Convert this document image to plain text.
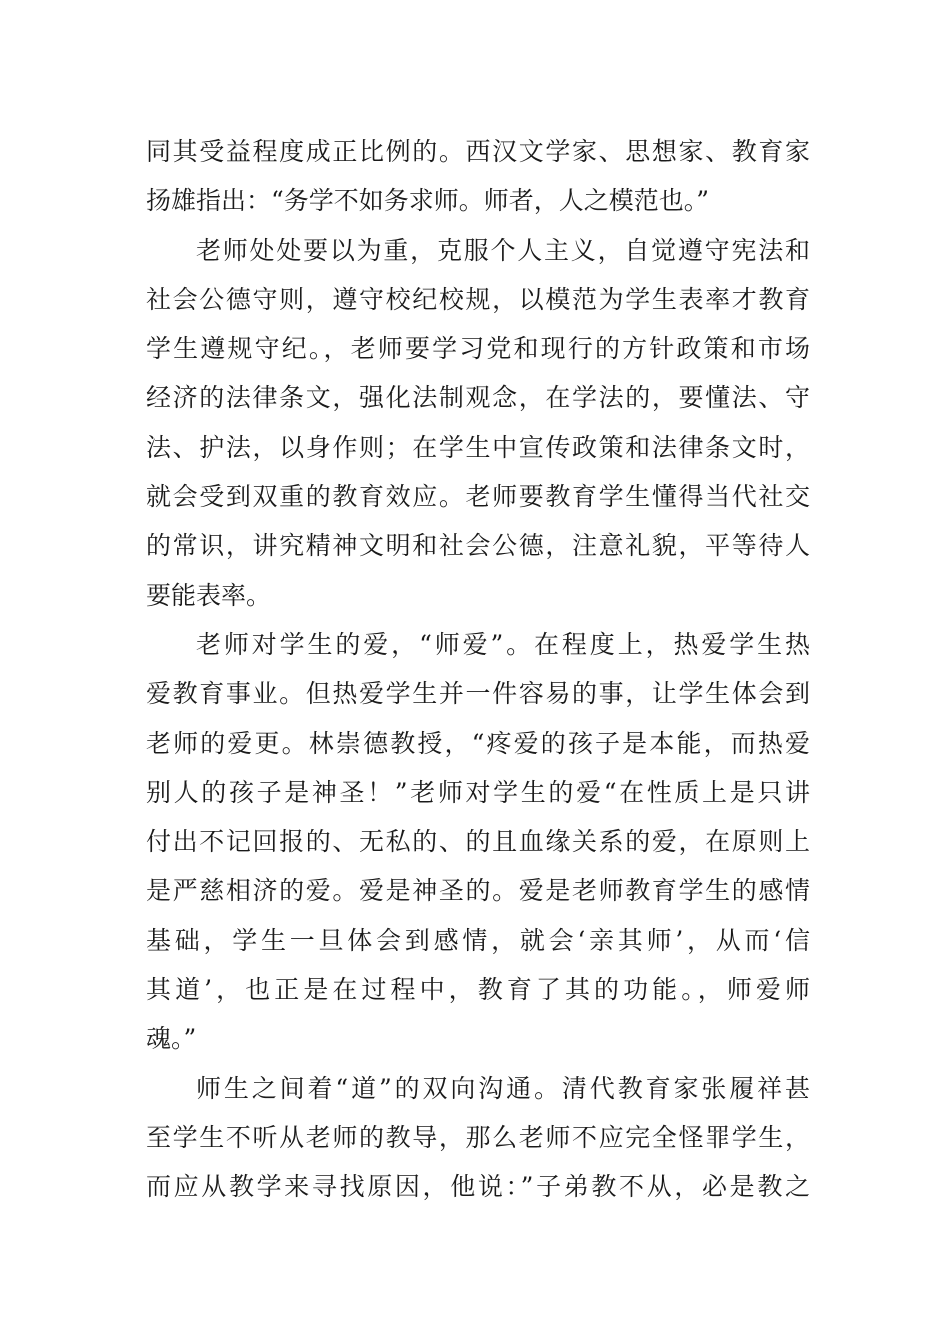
同其受益程度成正比例的。西汉文学家、思想家、教育家
扬雄指出：“务学不如务求师。师者，人之模范也。”
老师处处要以为重，克服个人主义，自觉遵守宪法和
社会公德守则，遵守校纪校规，以模范为学生表率才教育
学生遵规守纪。，老师要学习党和现行的方针政策和市场
经济的法律条文，强化法制观念，在学法的，要懂法、守
法、护法，以身作则；在学生中宣传政策和法律条文时，
就会受到双重的教育效应。老师要教育学生懂得当代社交
的常识，讲究精神文明和社会公德，注意礼貌，平等待人
要能表率。
老师对学生的爱，“师爱”。在程度上，热爱学生热
爱教育事业。但热爱学生并一件容易的事，让学生体会到
老师的爱更。林崇德教授，“疼爱的孩子是本能，而热爱
别人的孩子是神圣！”老师对学生的爱“在性质上是只讲
付出不记回报的、无私的、的且血缘关系的爱，在原则上
是严慈相济的爱。爱是神圣的。爱是老师教育学生的感情
基础，学生一旦体会到感情，就会‘亲其师’，从而‘信
其道’，也正是在过程中，教育了其的功能。，师爱师
魂。”
师生之间着“道”的双向沟通。清代教育家张履祥甚
至学生不听从老师的教导，那么老师不应完全怪罪学生，
而应从教学来寻找原因，他说：”子弟教不从，必是教之
